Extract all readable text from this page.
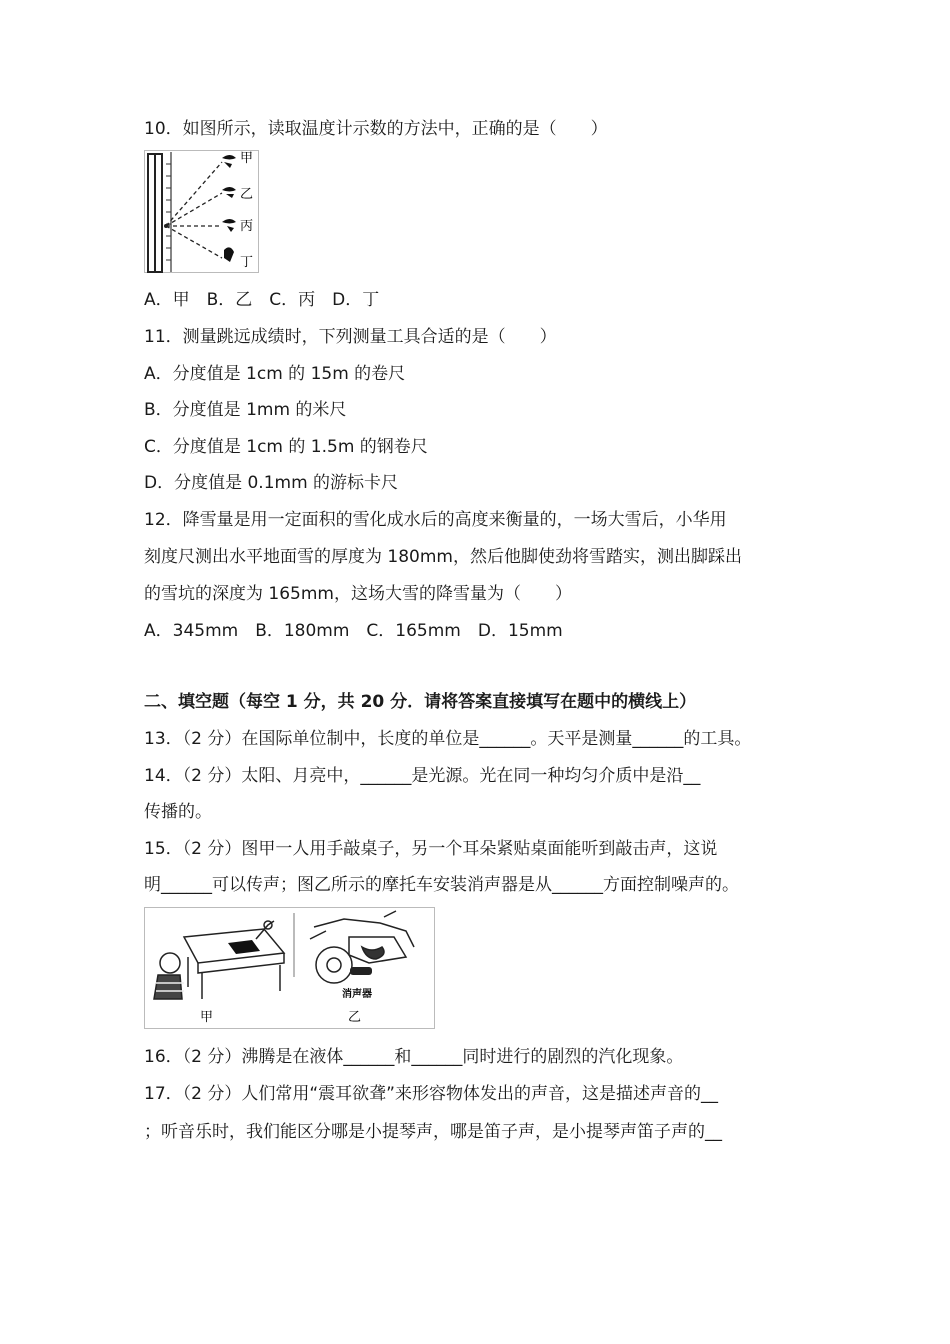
10．如图所示，读取温度计示数的方法中，正确的是（　　）
甲
乙
丙
丁
A．甲　B．乙　C．丙　D．丁
11．测量跳远成绩时，下列测量工具合适的是（　　）
A．分度值是 1cm 的 15m 的卷尺
B．分度值是 1mm 的米尺
C．分度值是 1cm 的 1.5m 的钢卷尺
D．分度值是 0.1mm 的游标卡尺
12．降雪量是用一定面积的雪化成水后的高度来衡量的，一场大雪后，小华用
刻度尺测出水平地面雪的厚度为 180mm，然后他脚使劲将雪踏实，测出脚踩出
的雪坑的深度为 165mm，这场大雪的降雪量为（　　）
A．345mm　B．180mm　C．165mm　D．15mm
二、填空题（每空 1 分，共 20 分．请将答案直接填写在题中的横线上）
13．（2 分）在国际单位制中，长度的单位是______。天平是测量______的工具。
14．（2 分）太阳、月亮中，______是光源。光在同一种均匀介质中是沿__
传播的。
15．（2 分）图甲一人用手敲桌子，另一个耳朵紧贴桌面能听到敲击声，这说
明______可以传声；图乙所示的摩托车安装消声器是从______方面控制噪声的。
甲
消声器
乙
16．（2 分）沸腾是在液体______和______同时进行的剧烈的汽化现象。
17．（2 分）人们常用“震耳欲聋”来形容物体发出的声音，这是描述声音的__
；听音乐时，我们能区分哪是小提琴声，哪是笛子声，是小提琴声笛子声的__
